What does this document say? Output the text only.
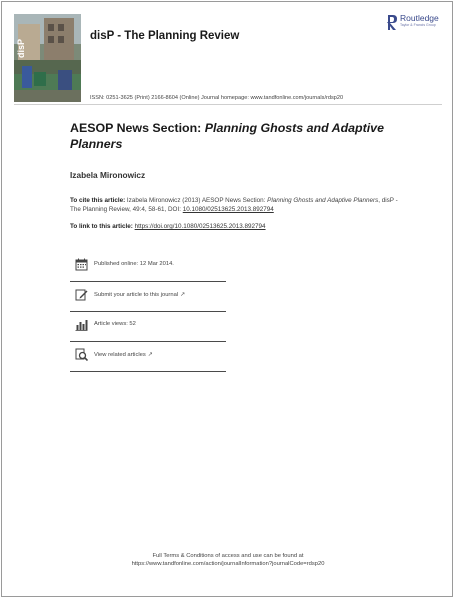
disP
disP - The Planning Review
Routledge
Taylor & Francis Group
ISSN: 0251-3625 (Print) 2166-8604 (Online) Journal homepage: www.tandfonline.com/journals/rdsp20
AESOP News Section: Planning Ghosts and Adaptive Planners
Izabela Mironowicz
To cite this article: Izabela Mironowicz (2013) AESOP News Section: Planning Ghosts and Adaptive Planners, disP - The Planning Review, 49:4, 58-61, DOI: 10.1080/02513625.2013.892794
To link to this article: https://doi.org/10.1080/02513625.2013.892794
Published online: 12 Mar 2014.
Submit your article to this journal ↗
Article views: 52
View related articles ↗
Full Terms & Conditions of access and use can be found at
https://www.tandfonline.com/action/journalInformation?journalCode=rdsp20
